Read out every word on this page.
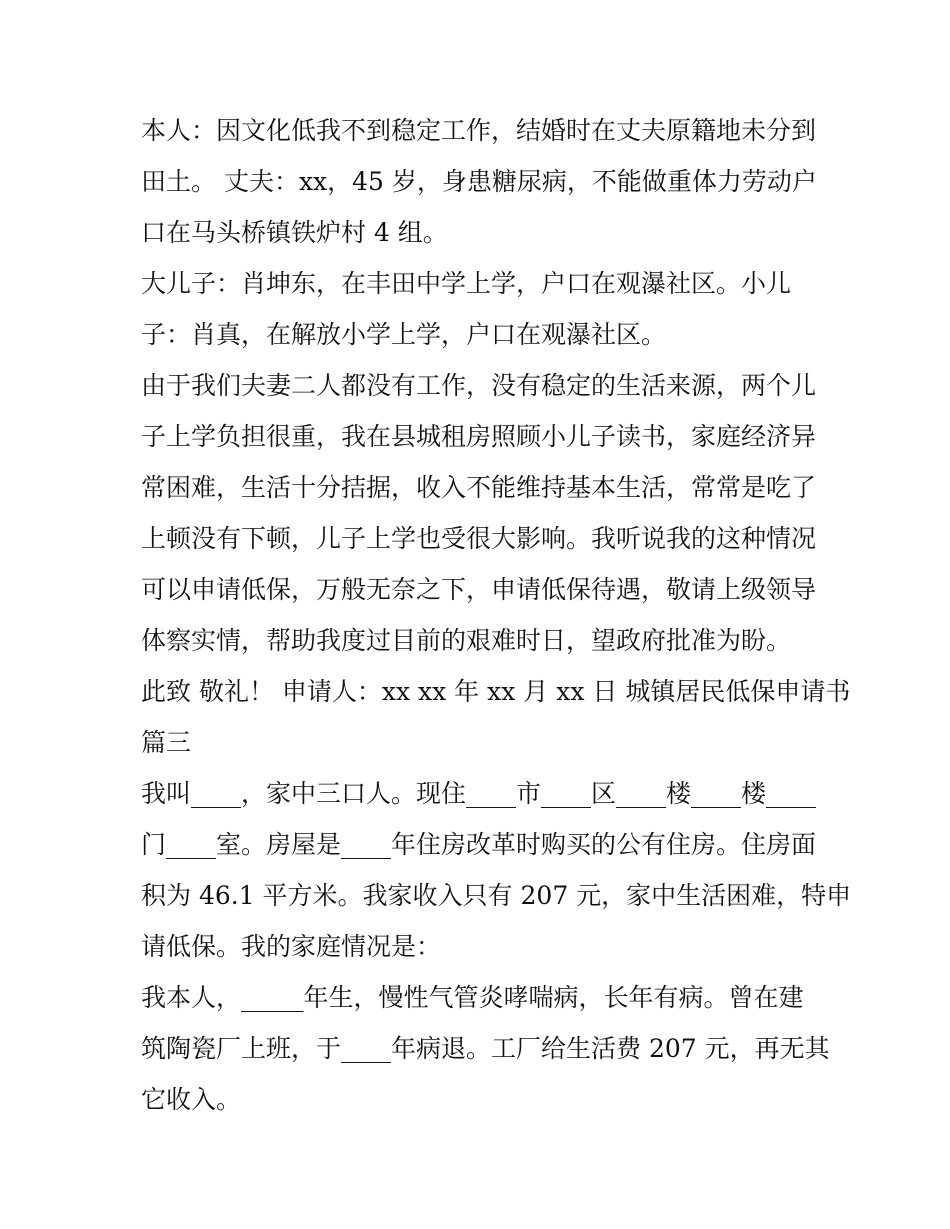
本人：因文化低我不到稳定工作，结婚时在丈夫原籍地未分到
田土。 丈夫：xx，45 岁，身患糖尿病，不能做重体力劳动户
口在马头桥镇铁炉村 4 组。
大儿子：肖坤东，在丰田中学上学，户口在观瀑社区。小儿
子：肖真，在解放小学上学，户口在观瀑社区。
由于我们夫妻二人都没有工作，没有稳定的生活来源，两个儿
子上学负担很重，我在县城租房照顾小儿子读书，家庭经济异
常困难，生活十分拮据，收入不能维持基本生活，常常是吃了
上顿没有下顿，儿子上学也受很大影响。我听说我的这种情况
可以申请低保，万般无奈之下，申请低保待遇，敬请上级领导
体察实情，帮助我度过目前的艰难时日，望政府批准为盼。
此致 敬礼！ 申请人：xx xx 年 xx 月 xx 日 城镇居民低保申请书
篇三
我叫____，家中三口人。现住____市____区____楼____楼____
门____室。房屋是____年住房改革时购买的公有住房。住房面
积为 46.1 平方米。我家收入只有 207 元，家中生活困难，特申
请低保。我的家庭情况是：
我本人，_____年生，慢性气管炎哮喘病，长年有病。曾在建
筑陶瓷厂上班，于____年病退。工厂给生活费 207 元，再无其
它收入。
